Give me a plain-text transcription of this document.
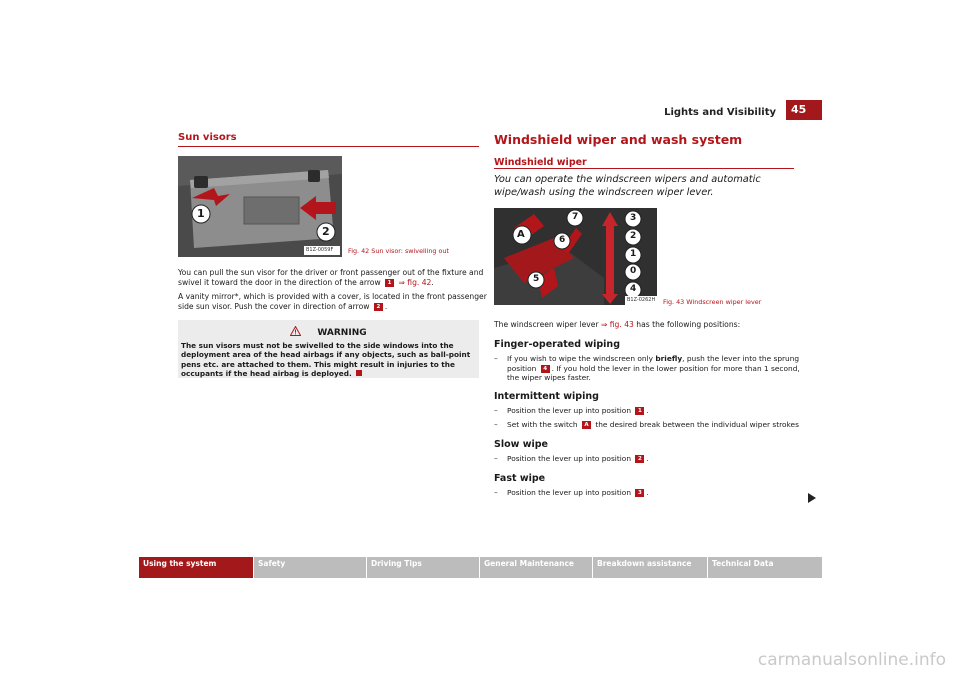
Lights and Visibility	45
Sun visors
1
2
B1Z-0059F Fig. 42 Sun visor: swivelling out
You can pull the sun visor for the driver or front passenger out of the fixture and
swivel it toward the door in the direction of the arrow 1 ⇒ fig. 42.
A vanity mirror*, which is provided with a cover, is located in the front passenger
side sun visor. Push the cover in direction of arrow 2 .
WARNING
The sun visors must not be swivelled to the side windows into the deployment area of the head airbags if any objects, such as ball-point pens etc. are attached to them. This might result in injuries to the occupants if the head airbag is deployed.
Windshield wiper and wash system
Windshield wiper
You can operate the windscreen wipers and automatic wipe/wash using the windscreen wiper lever.
A
7
6
5
3
2
1
0
4
B1Z-0262H Fig. 43 Windscreen wiper lever
The windscreen wiper lever ⇒ fig. 43 has the following positions:
Finger-operated wiping
– If you wish to wipe the windscreen only briefly, push the lever into the sprung
position 4 . If you hold the lever in the lower position for more than 1 second,
the wiper wipes faster.
Intermittent wiping
– Position the lever up into position 1 .
– Set with the switch A the desired break between the individual wiper strokes
Slow wipe
– Position the lever up into position 2 .
Fast wipe
– Position the lever up into position 3 .
Using the system	Safety	Driving Tips	General Maintenance	Breakdown assistance	Technical Data
carmanualsonline.info
